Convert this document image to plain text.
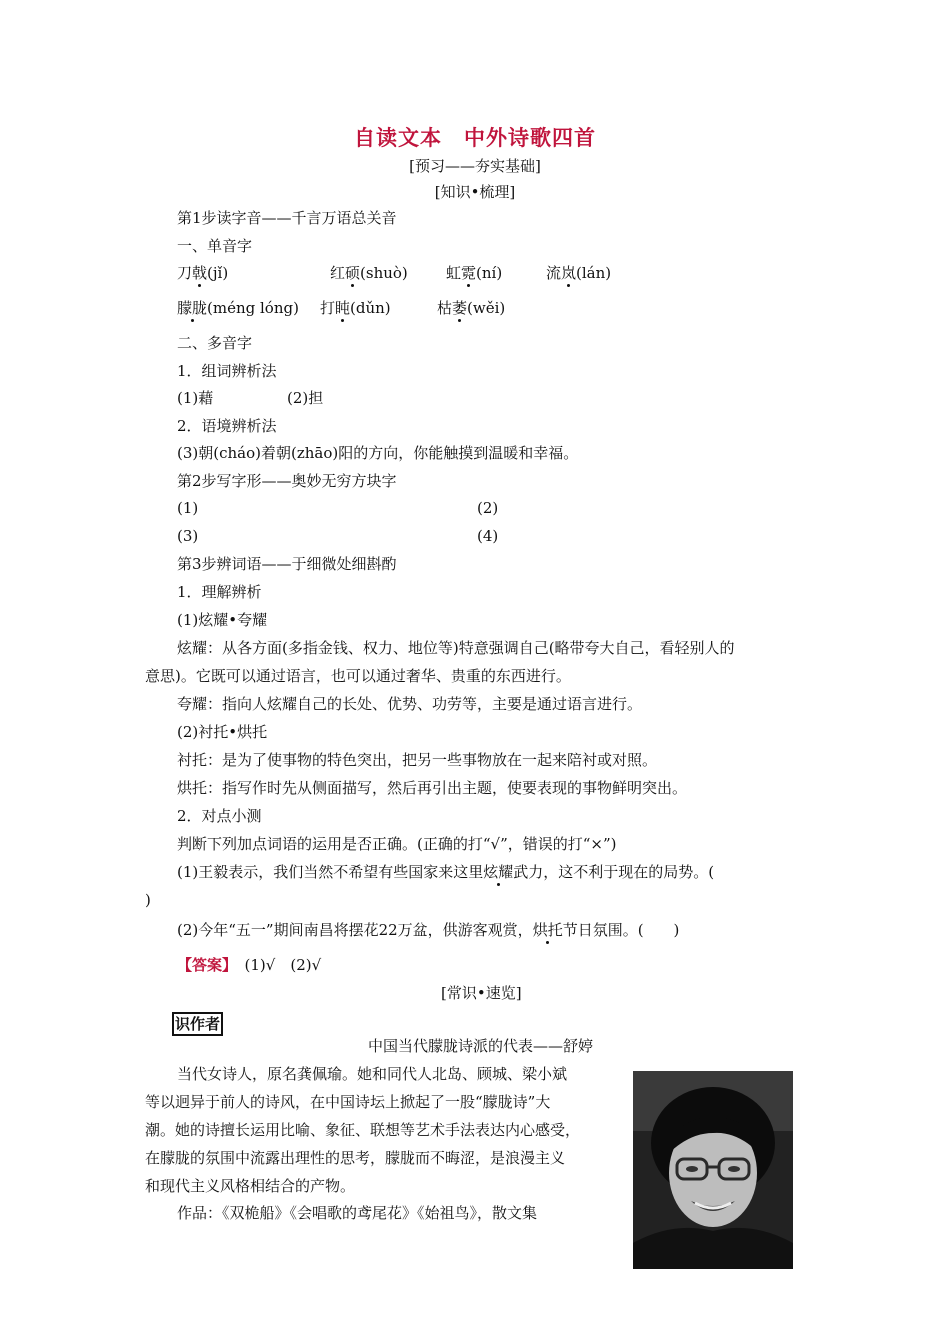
自读文本　中外诗歌四首
[预习——夯实基础]
[知识•梳理]
第1步读字音——千言万语总关音
一、单音字
刀戟(jǐ)	红硕(shuò)	虹霓(ní)	流岚(lán)
朦胧(méng lóng) 打盹(dǔn)	枯萎(wěi)
二、多音字
1．组词辨析法
(1)藉	(2)担
2．语境辨析法
(3)朝(cháo)着朝(zhāo)阳的方向，你能触摸到温暖和幸福。
第2步写字形——奥妙无穷方块字
(1)	(2)
(3)	(4)
第3步辨词语——于细微处细斟酌
1．理解辨析
(1)炫耀•夸耀
炫耀：从各方面(多指金钱、权力、地位等)特意强调自己(略带夸大自己，看轻别人的
意思)。它既可以通过语言，也可以通过奢华、贵重的东西进行。
夸耀：指向人炫耀自己的长处、优势、功劳等，主要是通过语言进行。
(2)衬托•烘托
衬托：是为了使事物的特色突出，把另一些事物放在一起来陪衬或对照。
烘托：指写作时先从侧面描写，然后再引出主题，使要表现的事物鲜明突出。
2．对点小测
判断下列加点词语的运用是否正确。(正确的打“√”，错误的打“×”)
(1)王毅表示，我们当然不希望有些国家来这里炫耀武力，这不利于现在的局势。(
)
(2)今年“五一”期间南昌将摆花22万盆，供游客观赏，烘托节日氛围。(　　)
【答案】　 (1)√　(2)√
[常识•速览]
识作者
中国当代朦胧诗派的代表——舒婷
当代女诗人，原名龚佩瑜。她和同代人北岛、顾城、梁小斌
等以迥异于前人的诗风，在中国诗坛上掀起了一股“朦胧诗”大
潮。她的诗擅长运用比喻、象征、联想等艺术手法表达内心感受，
在朦胧的氛围中流露出理性的思考，朦胧而不晦涩，是浪漫主义
和现代主义风格相结合的产物。
作品：《双桅船》《会唱歌的鸢尾花》《始祖鸟》，散文集
